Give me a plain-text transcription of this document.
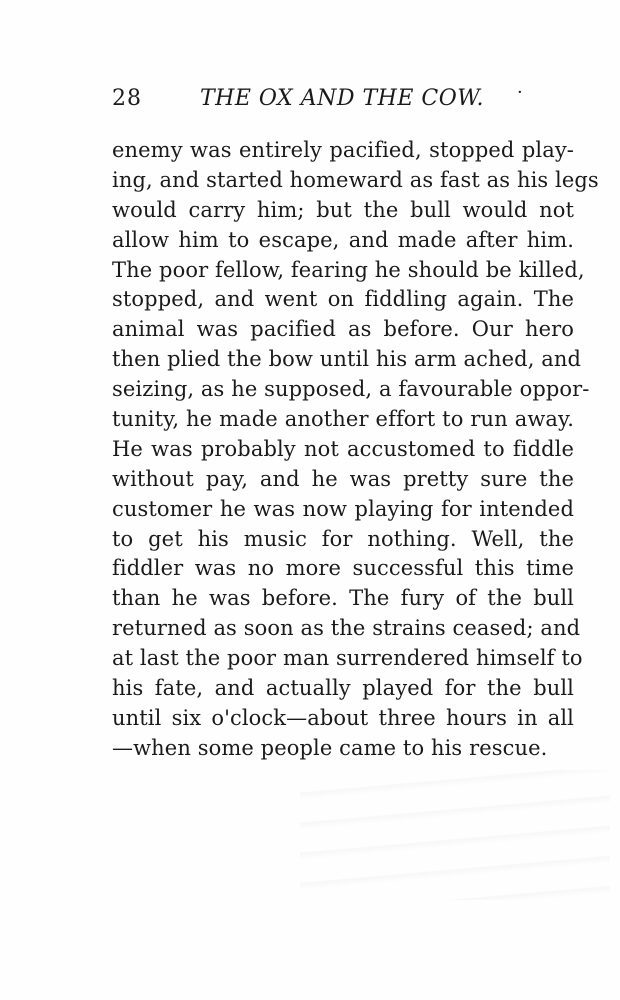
28	THE OX AND THE COW. ·
enemy was entirely pacified, stopped play-
ing, and started homeward as fast as his legs
would carry him; but the bull would not
allow him to escape, and made after him.
The poor fellow, fearing he should be killed,
stopped, and went on fiddling again. The
animal was pacified as before. Our hero
then plied the bow until his arm ached, and
seizing, as he supposed, a favourable oppor-
tunity, he made another effort to run away.
He was probably not accustomed to fiddle
without pay, and he was pretty sure the
customer he was now playing for intended
to get his music for nothing. Well, the
fiddler was no more successful this time
than he was before. The fury of the bull
returned as soon as the strains ceased; and
at last the poor man surrendered himself to
his fate, and actually played for the bull
until six o'clock—about three hours in all
—when some people came to his rescue.
